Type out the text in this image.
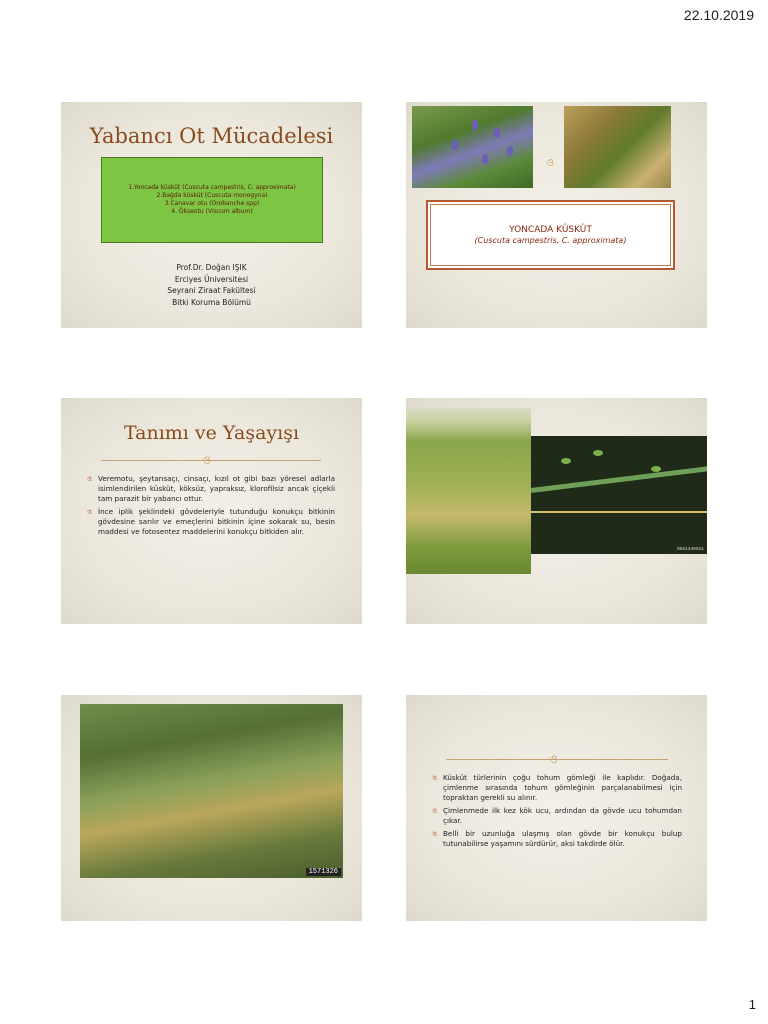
22.10.2019
Yabancı Ot Mücadelesi
1.Yoncada küsküt (Cuscuta campestris, C. approximata)
2.Bağda küsküt (Cuscuta monogyna)
3.Canavar otu (Orobanche spp)
4. Ökseotu (Viscum album)
Prof.Dr. Doğan IŞIK
Erciyes Üniversitesi
Seyrani Ziraat Fakültesi
Bitki Koruma Bölümü
ও
YONCADA KÜSKÜT
(Cuscuta campestris, C. approximata)
Tanımı ve Yaşayışı
ও
ঙ Veremotu, şeytansaçı, cinsaçı, kızıl ot gibi bazı yöresel adlarla isimlendirilen küsküt, köksüz, yapraksız, klorofilsiz ancak çiçekli tam parazit bir yabancı ottur.
ঙ İnce iplik şeklindeki gövdeleriyle tutunduğu konukçu bitkinin gövdesine sarılır ve emeçlerini bitkinin içine sokarak su, besin maddesi ve fotosentez maddelerini konukçu bitkiden alır.
0661349021
1571326
ও
ঙ Küsküt türlerinin çoğu tohum gömleği ile kaplıdır. Doğada, çimlenme sırasında tohum gömleğinin parçalanabilmesi için topraktan gerekli su alınır.
ঙ Çimlenmede ilk kez kök ucu, ardından da gövde ucu tohumdan çıkar.
ঙ Belli bir uzunluğa ulaşmış olan gövde bir konukçu bulup tutunabilirse yaşamını sürdürür, aksi takdirde ölür.
1
